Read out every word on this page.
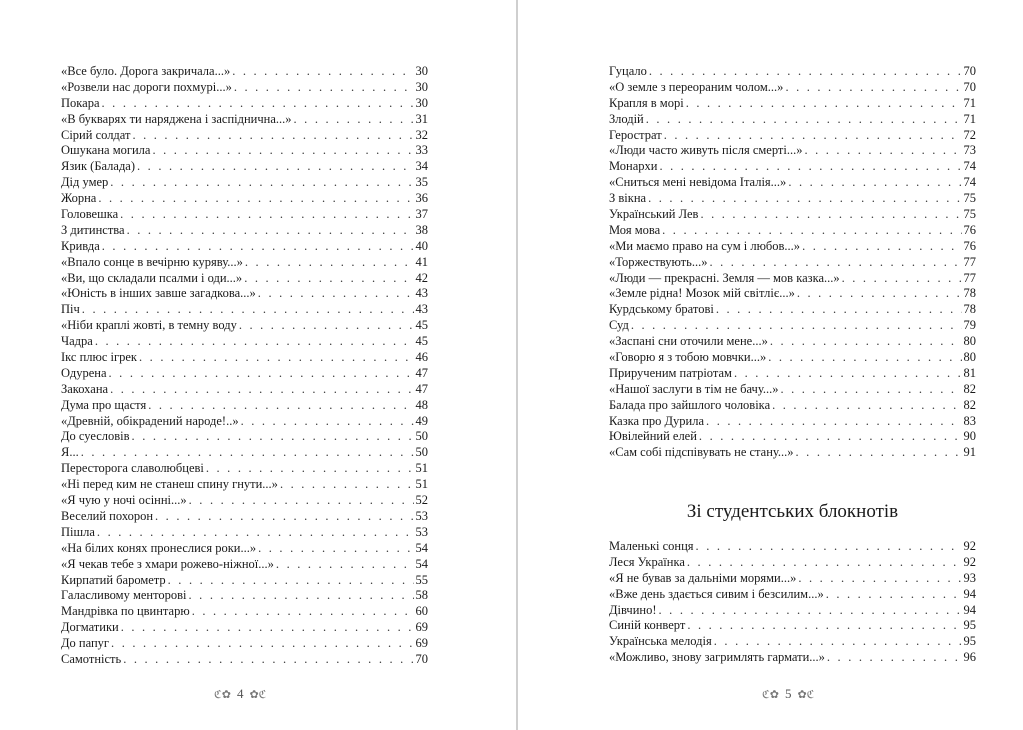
«Все було. Дорога закричала...» . . .	30
«Розвели нас дороги похмурі...» . . .	30
Покара . . .	30
«В букварях ти наряджена і заспіднична...» . . .	31
Сірий солдат . . .	32
Ошукана могила . . .	33
Язик (Балада) . . .	34
Дід умер . . .	35
Жорна . . .	36
Головешка . . .	37
З дитинства . . .	38
Кривда . . .	40
«Впало сонце в вечірню куряву...» . . .	41
«Ви, що складали псалми і оди...» . . .	42
«Юність в інших завше загадкова...» . . .	43
Піч . . .	43
«Ніби краплі жовті, в темну воду . . .	45
Чадра . . .	45
Ікс плюс ігрек . . .	46
Одурена . . .	47
Закохана . . .	47
Дума про щастя . . .	48
«Древній, обікрадений народе!..» . . .	49
До суесловів . . .	50
Я... . . .	50
Пересторога славолюбцеві . . .	51
«Ні перед ким не станеш спину гнути...» . . .	51
«Я чую у ночі осінні...» . . .	52
Веселий похорон . . .	53
Пішла . . .	53
«На білих конях пронеслися роки...» . . .	54
«Я чекав тебе з хмари рожево-ніжної...» . . .	54
Кирпатий барометр . . .	55
Галасливому менторові . . .	58
Мандрівка по цвинтарю . . .	60
Догматики . . .	69
До папуг . . .	69
Самотність . . .	70
ℭ✿ 4 ✿ℭ
Гуцало . . .	70
«О земле з переораним чолом...» . . .	70
Крапля в морі . . .	71
Злодій . . .	71
Герострат . . .	72
«Люди часто живуть після смерті...» . . .	73
Монархи . . .	74
«Сниться мені невідома Італія...» . . .	74
З вікна . . .	75
Український Лев . . .	75
Моя мова . . .	76
«Ми маємо право на сум і любов...» . . .	76
«Торжествують...» . . .	77
«Люди — прекрасні. Земля — мов казка...» . . .	77
«Земле рідна! Мозок мій світліє...» . . .	78
Курдському братові . . .	78
Суд . . .	79
«Заспані сни оточили мене...» . . .	80
«Говорю я з тобою мовчки...» . . .	80
Прирученим патріотам . . .	81
«Нашої заслуги в тім не бачу...» . . .	82
Балада про зайшлого чоловіка . . .	82
Казка про Дурила . . .	83
Ювілейний елей . . .	90
«Сам собі підспівувать не стану...» . . .	91
Зі студентських блокнотів
Маленькі сонця . . .	92
Леся Українка . . .	92
«Я не бував за дальніми морями...» . . .	93
«Вже день здається сивим і безсилим...» . . .	94
Дівчино! . . .	94
Синій конверт . . .	95
Українська мелодія . . .	95
«Можливо, знову загримлять гармати...» . . .	96
ℭ✿ 5 ✿ℭ
